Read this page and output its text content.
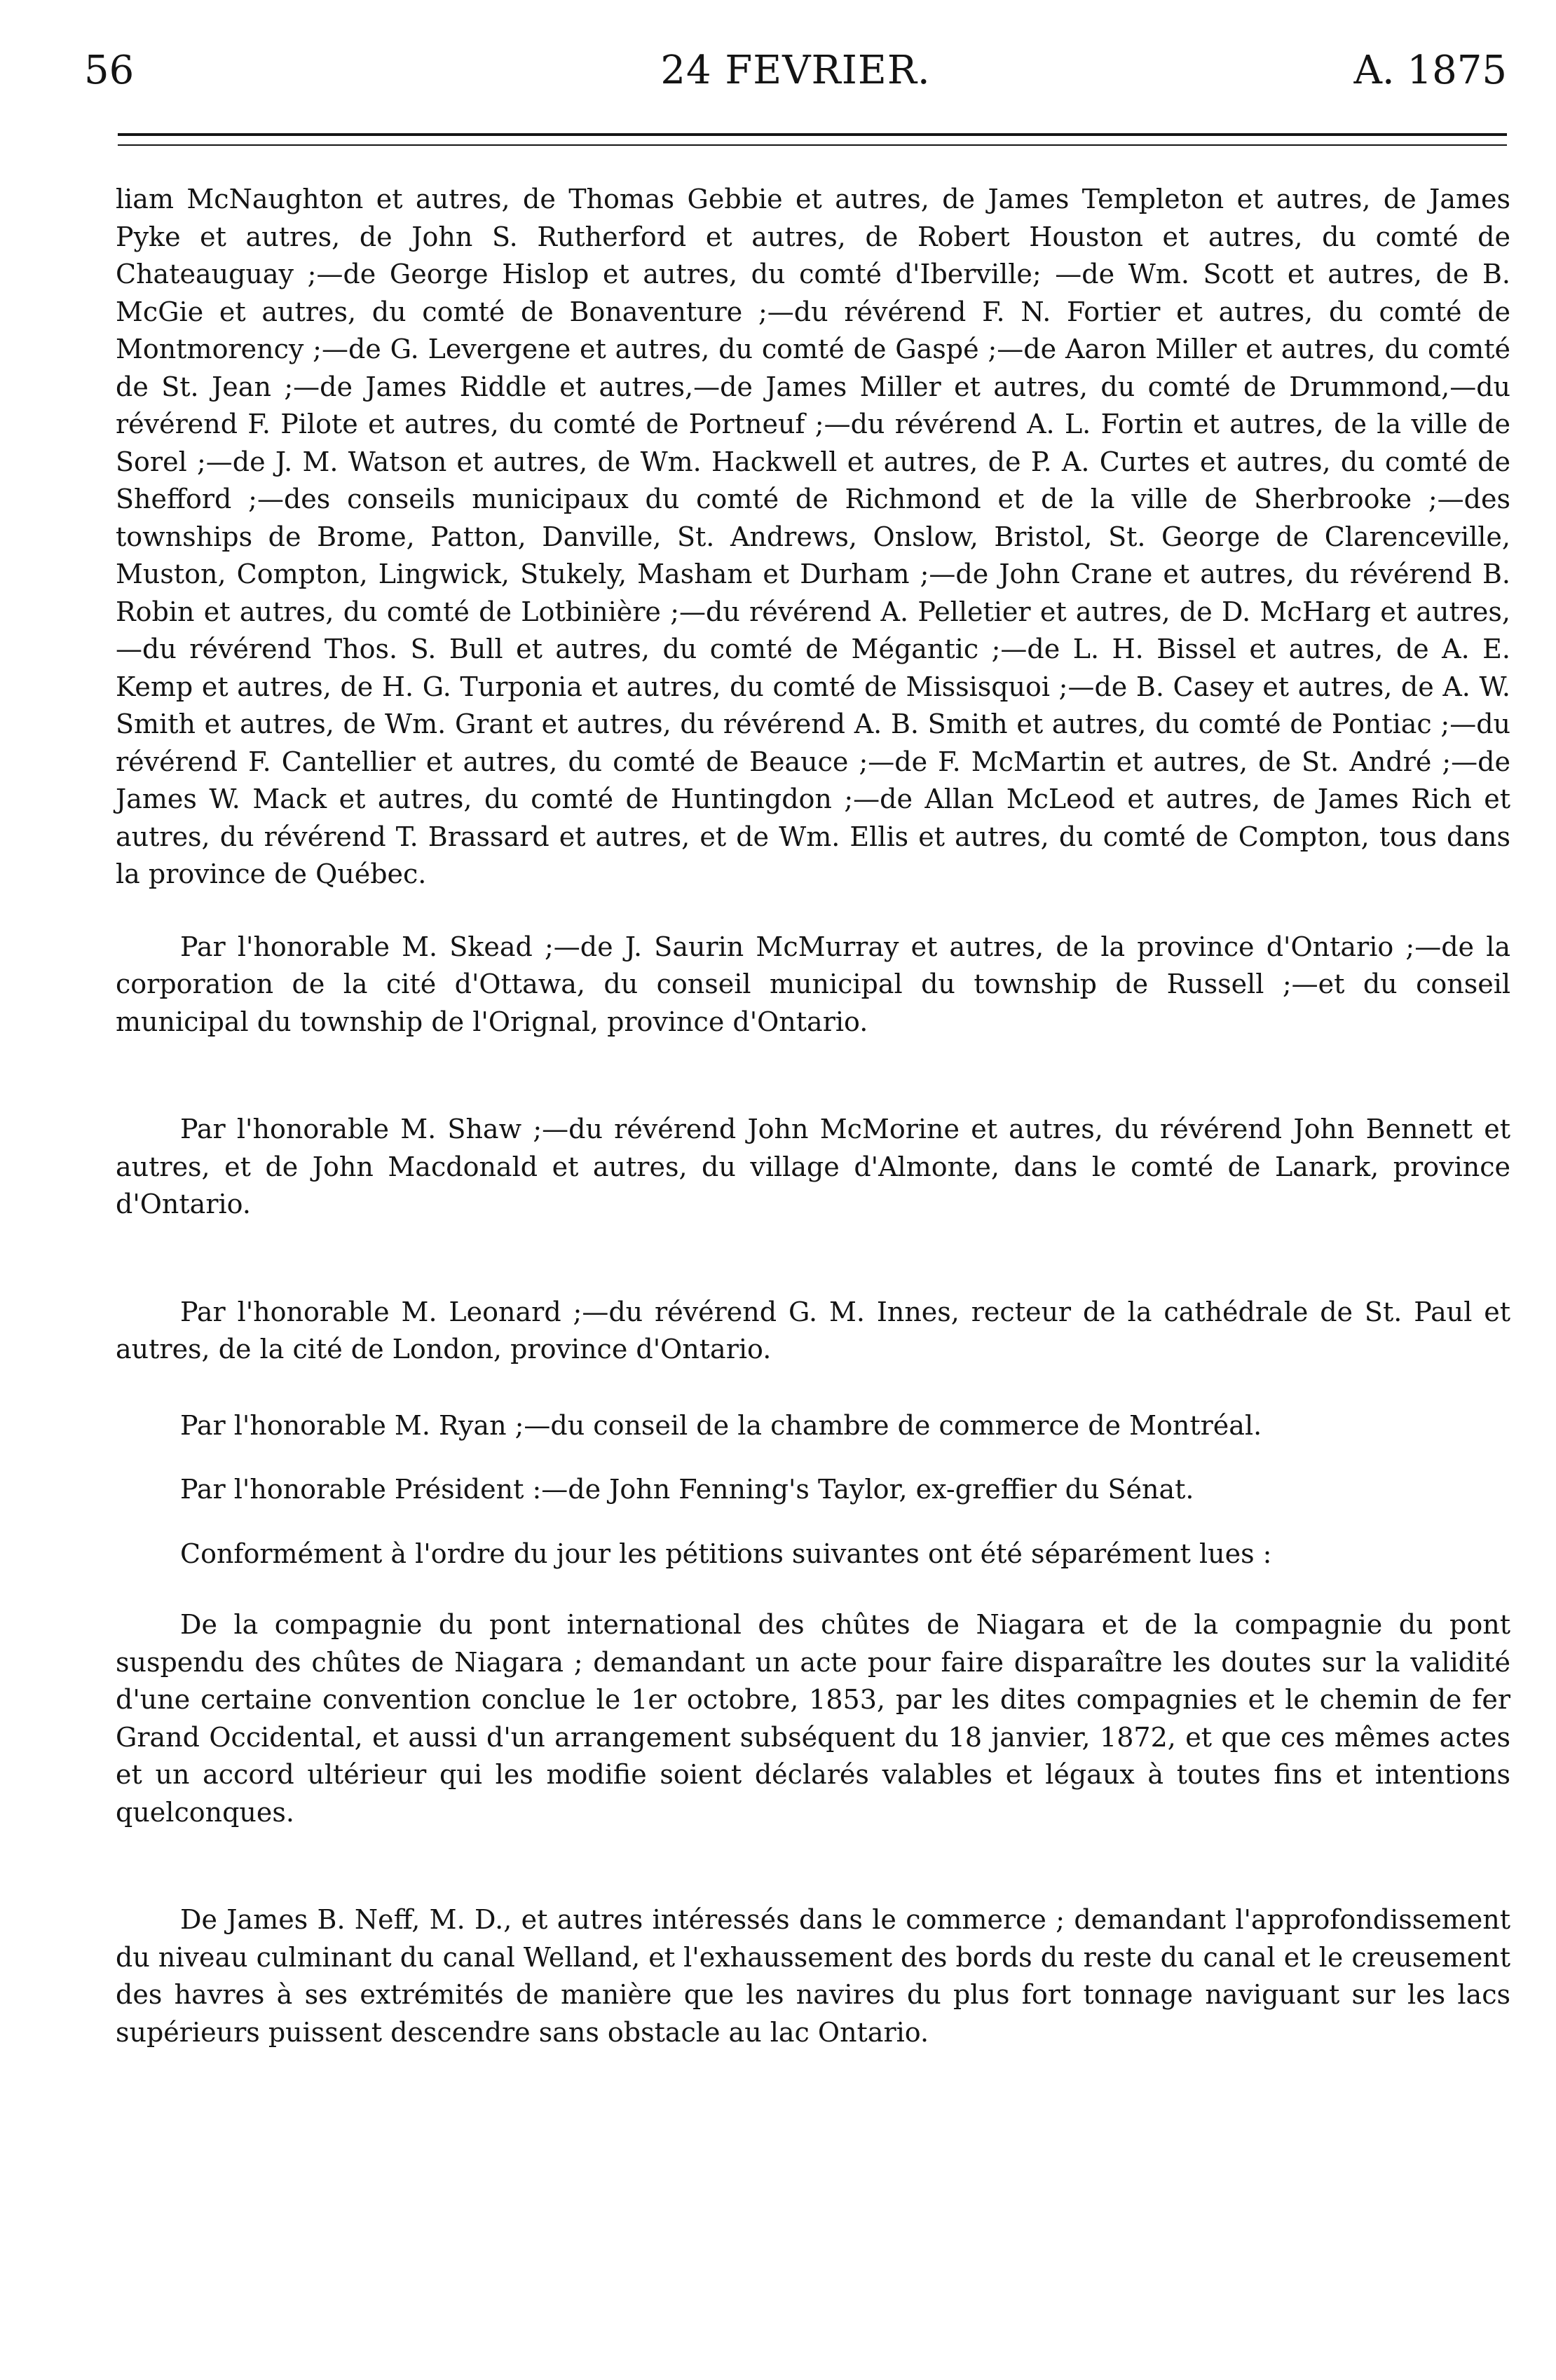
56	24 FEVRIER.	A. 1875

liam McNaughton et autres, de Thomas Gebbie et autres, de James Templeton et autres, de James Pyke et autres, de John S. Rutherford et autres, de Robert Houston et autres, du comté de Chateauguay ;—de George Hislop et autres, du comté d'Iberville; —de Wm. Scott et autres, de B. McGie et autres, du comté de Bonaventure ;—du révérend F. N. Fortier et autres, du comté de Montmorency ;—de G. Levergene et autres, du comté de Gaspé ;—de Aaron Miller et autres, du comté de St. Jean ;—de James Riddle et autres,—de James Miller et autres, du comté de Drummond,—du révérend F. Pilote et autres, du comté de Portneuf ;—du révérend A. L. Fortin et autres, de la ville de Sorel ;—de J. M. Watson et autres, de Wm. Hackwell et autres, de P. A. Curtes et autres, du comté de Shefford ;—des conseils municipaux du comté de Richmond et de la ville de Sherbrooke ;—des townships de Brome, Patton, Danville, St. Andrews, Onslow, Bristol, St. George de Clarenceville, Muston, Compton, Lingwick, Stukely, Masham et Durham ;—de John Crane et autres, du révérend B. Robin et autres, du comté de Lotbinière ;—du révérend A. Pelletier et autres, de D. McHarg et autres,—du révérend Thos. S. Bull et autres, du comté de Mégantic ;—de L. H. Bissel et autres, de A. E. Kemp et autres, de H. G. Turponia et autres, du comté de Missisquoi ;—de B. Casey et autres, de A. W. Smith et autres, de Wm. Grant et autres, du révérend A. B. Smith et autres, du comté de Pontiac ;—du révérend F. Cantellier et autres, du comté de Beauce ;—de F. McMartin et autres, de St. André ;—de James W. Mack et autres, du comté de Huntingdon ;—de Allan McLeod et autres, de James Rich et autres, du révérend T. Brassard et autres, et de Wm. Ellis et autres, du comté de Compton, tous dans la province de Québec.

Par l'honorable M. Skead ;—de J. Saurin McMurray et autres, de la province d'Ontario ;—de la corporation de la cité d'Ottawa, du conseil municipal du township de Russell ;—et du conseil municipal du township de l'Orignal, province d'Ontario.

Par l'honorable M. Shaw ;—du révérend John McMorine et autres, du révérend John Bennett et autres, et de John Macdonald et autres, du village d'Almonte, dans le comté de Lanark, province d'Ontario.

Par l'honorable M. Leonard ;—du révérend G. M. Innes, recteur de la cathédrale de St. Paul et autres, de la cité de London, province d'Ontario.

Par l'honorable M. Ryan ;—du conseil de la chambre de commerce de Montréal.

Par l'honorable Président :—de John Fenning's Taylor, ex-greffier du Sénat.

Conformément à l'ordre du jour les pétitions suivantes ont été séparément lues :

De la compagnie du pont international des chûtes de Niagara et de la compagnie du pont suspendu des chûtes de Niagara ; demandant un acte pour faire disparaître les doutes sur la validité d'une certaine convention conclue le 1er octobre, 1853, par les dites compagnies et le chemin de fer Grand Occidental, et aussi d'un arrangement subséquent du 18 janvier, 1872, et que ces mêmes actes et un accord ultérieur qui les modifie soient déclarés valables et légaux à toutes fins et intentions quelconques.

De James B. Neff, M. D., et autres intéressés dans le commerce ; demandant l'approfondissement du niveau culminant du canal Welland, et l'exhaussement des bords du reste du canal et le creusement des havres à ses extrémités de manière que les navires du plus fort tonnage naviguant sur les lacs supérieurs puissent descendre sans obstacle au lac Ontario.
